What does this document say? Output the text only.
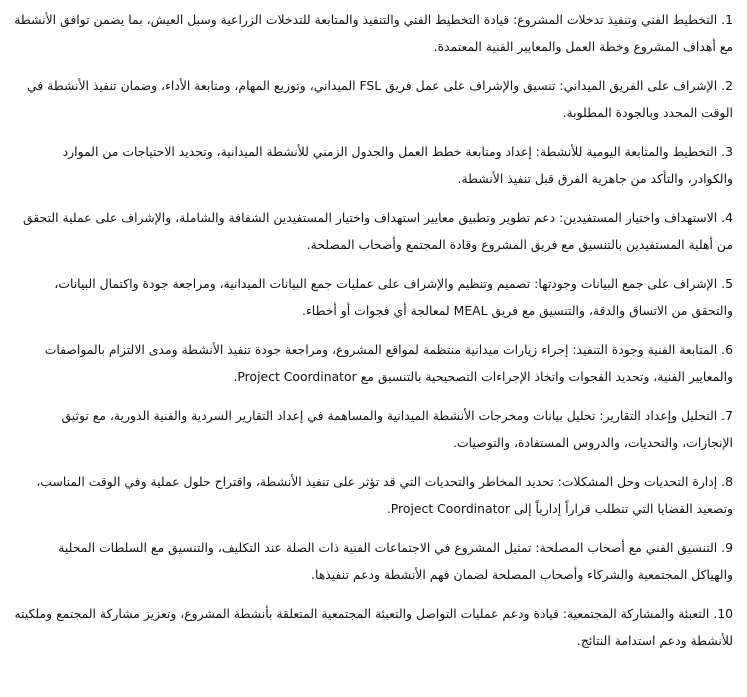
1. التخطيط الفني وتنفيذ تدخلات المشروع: قيادة التخطيط الفني والتنفيذ والمتابعة للتدخلات الزراعية وسبل العيش، بما يضمن توافق الأنشطة مع أهداف المشروع وخطة العمل والمعايير الفنية المعتمدة.

2. الإشراف على الفريق الميداني: تنسيق والإشراف على عمل فريق FSL الميداني، وتوزيع المهام، ومتابعة الأداء، وضمان تنفيذ الأنشطة في الوقت المحدد وبالجودة المطلوبة.

3. التخطيط والمتابعة اليومية للأنشطة: إعداد ومتابعة خطط العمل والجدول الزمني للأنشطة الميدانية، وتحديد الاحتياجات من الموارد والكوادر، والتأكد من جاهزية الفرق قبل تنفيذ الأنشطة.

4. الاستهداف واختيار المستفيدين: دعم تطوير وتطبيق معايير استهداف واختيار المستفيدين الشفافة والشاملة، والإشراف على عملية التحقق من أهلية المستفيدين بالتنسيق مع فريق المشروع وقادة المجتمع وأصحاب المصلحة.

5. الإشراف على جمع البيانات وجودتها: تصميم وتنظيم والإشراف على عمليات جمع البيانات الميدانية، ومراجعة جودة واكتمال البيانات، والتحقق من الاتساق والدقة، والتنسيق مع فريق MEAL لمعالجة أي فجوات أو أخطاء.

6. المتابعة الفنية وجودة التنفيذ: إجراء زيارات ميدانية منتظمة لمواقع المشروع، ومراجعة جودة تنفيذ الأنشطة ومدى الالتزام بالمواصفات والمعايير الفنية، وتحديد الفجوات واتخاذ الإجراءات التصحيحية بالتنسيق مع Project Coordinator.

7. التحليل وإعداد التقارير: تحليل بيانات ومخرجات الأنشطة الميدانية والمساهمة في إعداد التقارير السردية والفنية الدورية، مع توثيق الإنجازات، والتحديات، والدروس المستفادة، والتوصيات.

8. إدارة التحديات وحل المشكلات: تحديد المخاطر والتحديات التي قد تؤثر على تنفيذ الأنشطة، واقتراح حلول عملية وفي الوقت المناسب، وتصعيد القضايا التي تتطلب قراراً إدارياً إلى Project Coordinator.

9. التنسيق الفني مع أصحاب المصلحة: تمثيل المشروع في الاجتماعات الفنية ذات الصلة عند التكليف، والتنسيق مع السلطات المحلية والهياكل المجتمعية والشركاء وأصحاب المصلحة لضمان فهم الأنشطة ودعم تنفيذها.

10. التعبئة والمشاركة المجتمعية: قيادة ودعم عمليات التواصل والتعبئة المجتمعية المتعلقة بأنشطة المشروع، وتعزيز مشاركة المجتمع وملكيته للأنشطة ودعم استدامة النتائج.
